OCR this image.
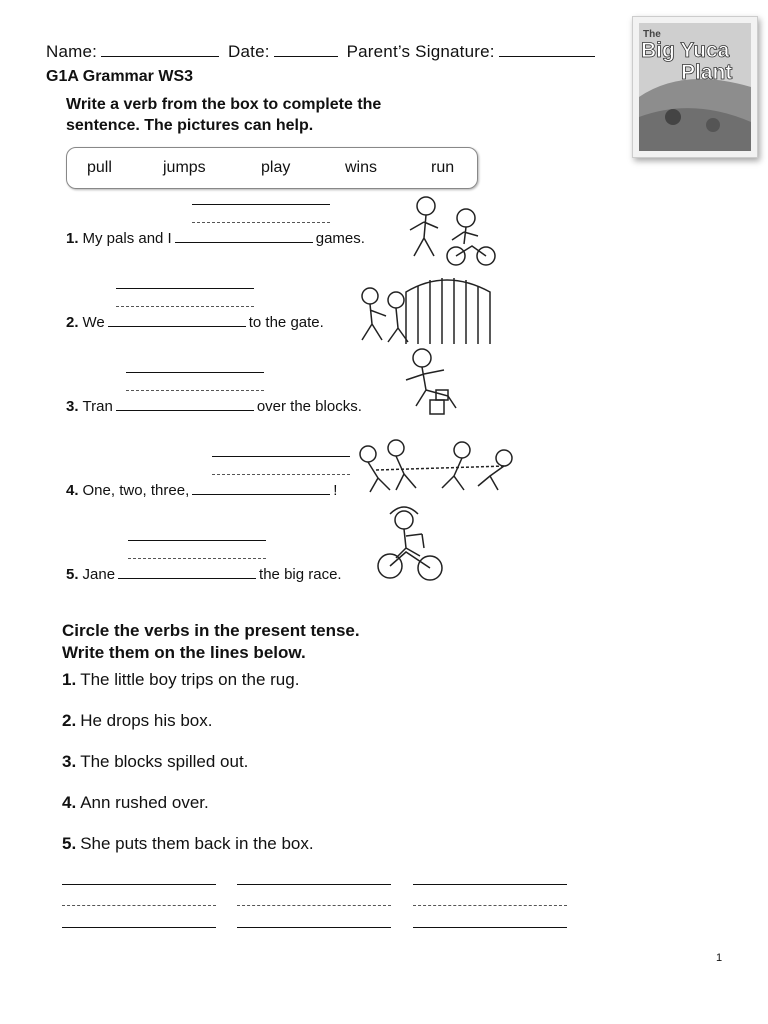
Name:	Date:	Parent’s Signature:
G1A Grammar WS3
The
Big Yuca
Plant
Write a verb from the box to complete the
sentence. The pictures can help.
pull	jumps	play	wins	run
1. My pals and I	games.
2. We	to the gate.
3. Tran	over the blocks.
4. One, two, three,	!
5. Jane	the big race.
Circle the verbs in the present tense.
Write them on the lines below.
1. The little boy trips on the rug.
2. He drops his box.
3. The blocks spilled out.
4. Ann rushed over.
5. She puts them back in the box.
1
